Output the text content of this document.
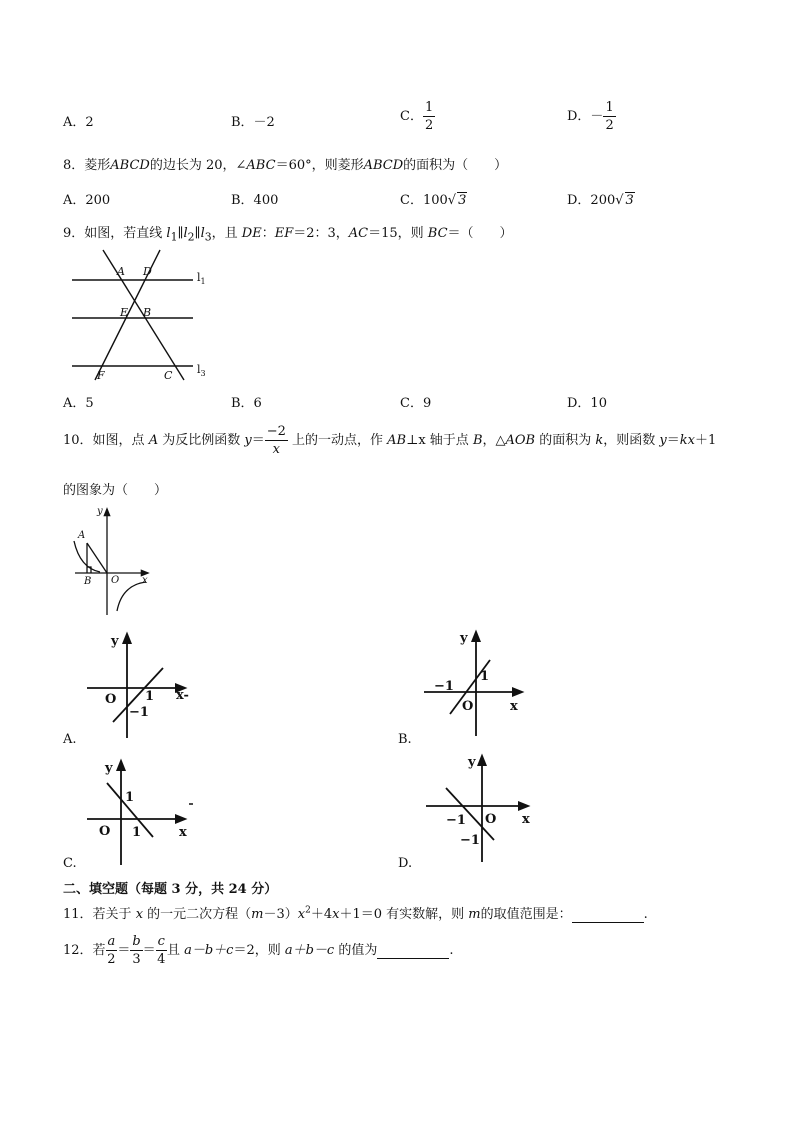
A．2	B．－2	C． $\frac{1}{2}$	D．－ $\frac{1}{2}$
8．菱形ABCD的边长为 20，∠ABC＝60°，则菱形ABCD的面积为（　　）
A．200	B．400	C．100√ 3	D．200√ 3
9．如图，若直线 $l_1\parallel l_2\parallel l_3$，且 DE：EF＝2：3，AC＝15，则 BC＝（　　）
A D
E B
F	C
$l_1$
$l_3$
A．5	B．6	C．9	D．10
10．如图，点 A 为反比例函数 $y= \frac{-2}{x}$ 上的一动点，作 AB⊥x 轴于点 B，△AOB 的面积为 k，则函数 y＝kx＋1
的图象为（　　）
y
A
B O x
y
O 1
−1
x-
A.
y
−1
1
O	x
B.
y
1
O 1	x
C.
y
−1 O
−1
x
D.
二、填空题（每题 3 分，共 24 分）
11．若关于 x 的一元二次方程$(m-3)x^2+4x+1=0$ 有实数解，则 m的取值范围是：	.
12．若 $\frac{a}{2} = \frac{b}{3} = \frac{c}{4}$ 且 a－b＋c＝2，则 a＋b－c 的值为	.
